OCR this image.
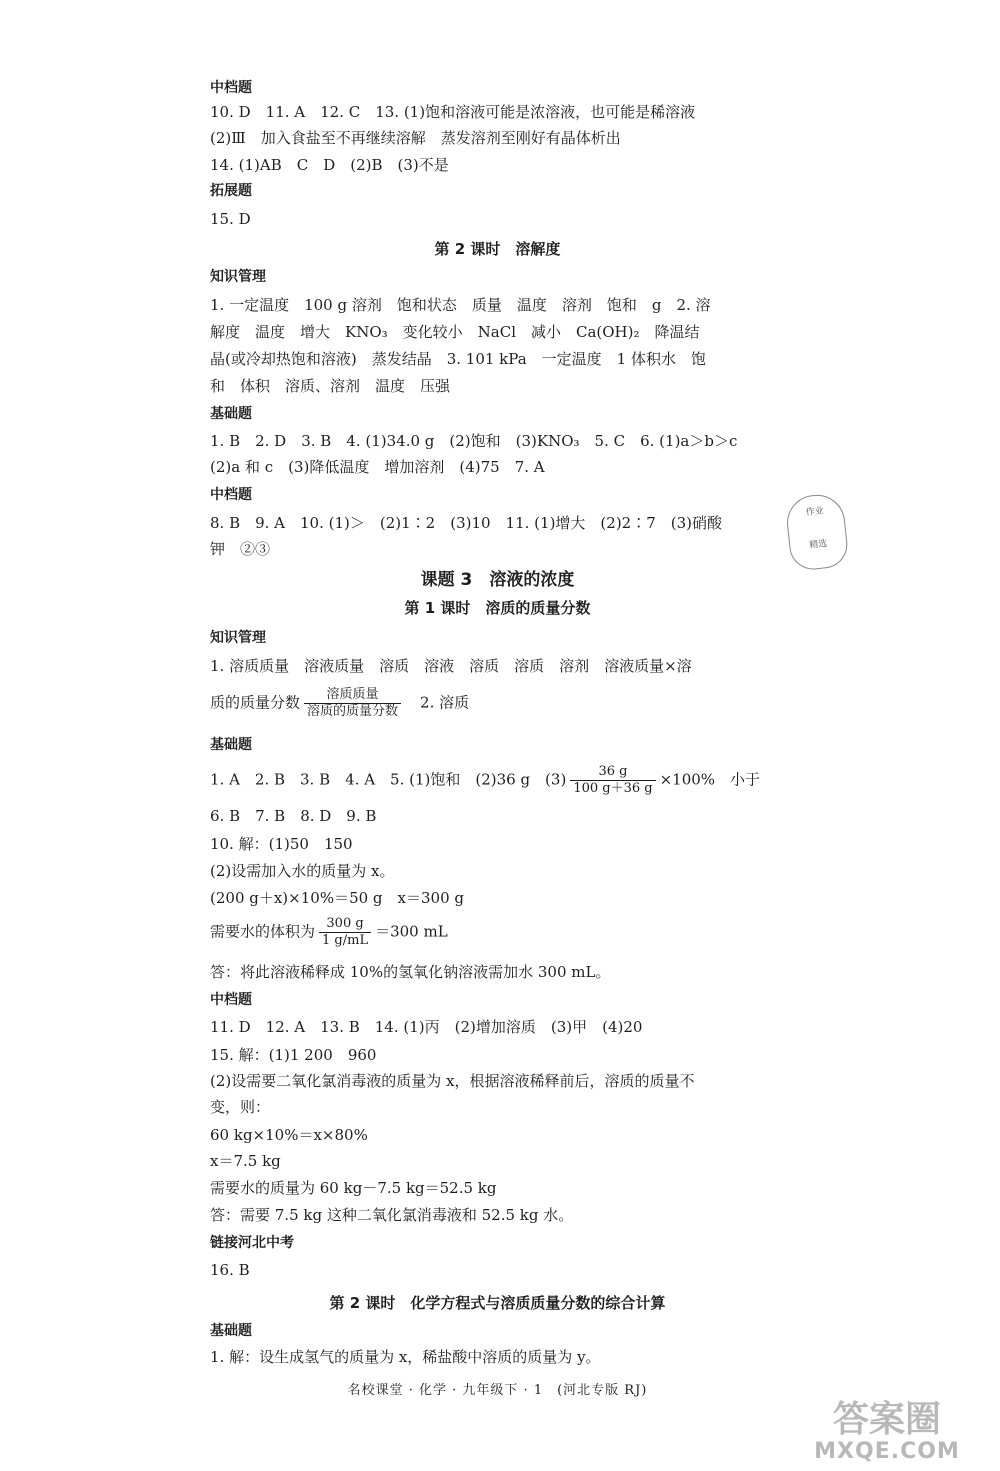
中档题
10. D　11. A　12. C　13. (1)饱和溶液可能是浓溶液，也可能是稀溶液
(2)Ⅲ　加入食盐至不再继续溶解　蒸发溶剂至刚好有晶体析出
14. (1)AB　C　D　(2)B　(3)不是
拓展题
15. D
第 2 课时　溶解度
知识管理
1. 一定温度　100 g 溶剂　饱和状态　质量　温度　溶剂　饱和　g　2. 溶
解度　温度　增大　KNO₃　变化较小　NaCl　减小　Ca(OH)₂　降温结
晶(或冷却热饱和溶液)　蒸发结晶　3. 101 kPa　一定温度　1 体积水　饱
和　体积　溶质、溶剂　温度　压强
基础题
1. B　2. D　3. B　4. (1)34.0 g　(2)饱和　(3)KNO₃　5. C　6. (1)a＞b＞c
(2)a 和 c　(3)降低温度　增加溶剂　(4)75　7. A
中档题
8. B　9. A　10. (1)＞　(2)1∶2　(3)10　11. (1)增大　(2)2∶7　(3)硝酸
钾　②③
课题 3　溶液的浓度
第 1 课时　溶质的质量分数
知识管理
1. 溶质质量　溶液质量　溶质　溶液　溶质　溶质　溶剂　溶液质量×溶
质的质量分数 $\frac{\text{溶质质量}}{\text{溶质的质量分数}}$ 　2. 溶质
基础题
1. A　2. B　3. B　4. A　5. (1)饱和　(2)36 g　$(3) \frac{36 g}{100 g+36 g} \times 100\%$　小于
6. B　7. B　8. D　9. B
10. 解：(1)50　150
(2)设需加入水的质量为 x。
(200 g＋x)×10%＝50 g　x＝300 g
需要水的体积为 $\frac{300 g}{1 g/mL} =300$ mL
答：将此溶液稀释成 10%的氢氧化钠溶液需加水 300 mL。
中档题
11. D　12. A　13. B　14. (1)丙　(2)增加溶质　(3)甲　(4)20
15. 解：(1)1 200　960
(2)设需要二氧化氯消毒液的质量为 x，根据溶液稀释前后，溶质的质量不
变，则：
60 kg×10%＝x×80%
x＝7.5 kg
需要水的质量为 60 kg－7.5 kg＝52.5 kg
答：需要 7.5 kg 这种二氧化氯消毒液和 52.5 kg 水。
链接河北中考
16. B
第 2 课时　化学方程式与溶质质量分数的综合计算
基础题
1. 解：设生成氢气的质量为 x，稀盐酸中溶质的质量为 y。
作业
精选
名校课堂 · 化学 · 九年级下 · 1　(河北专版 RJ)
答案圈
MXQE.COM
